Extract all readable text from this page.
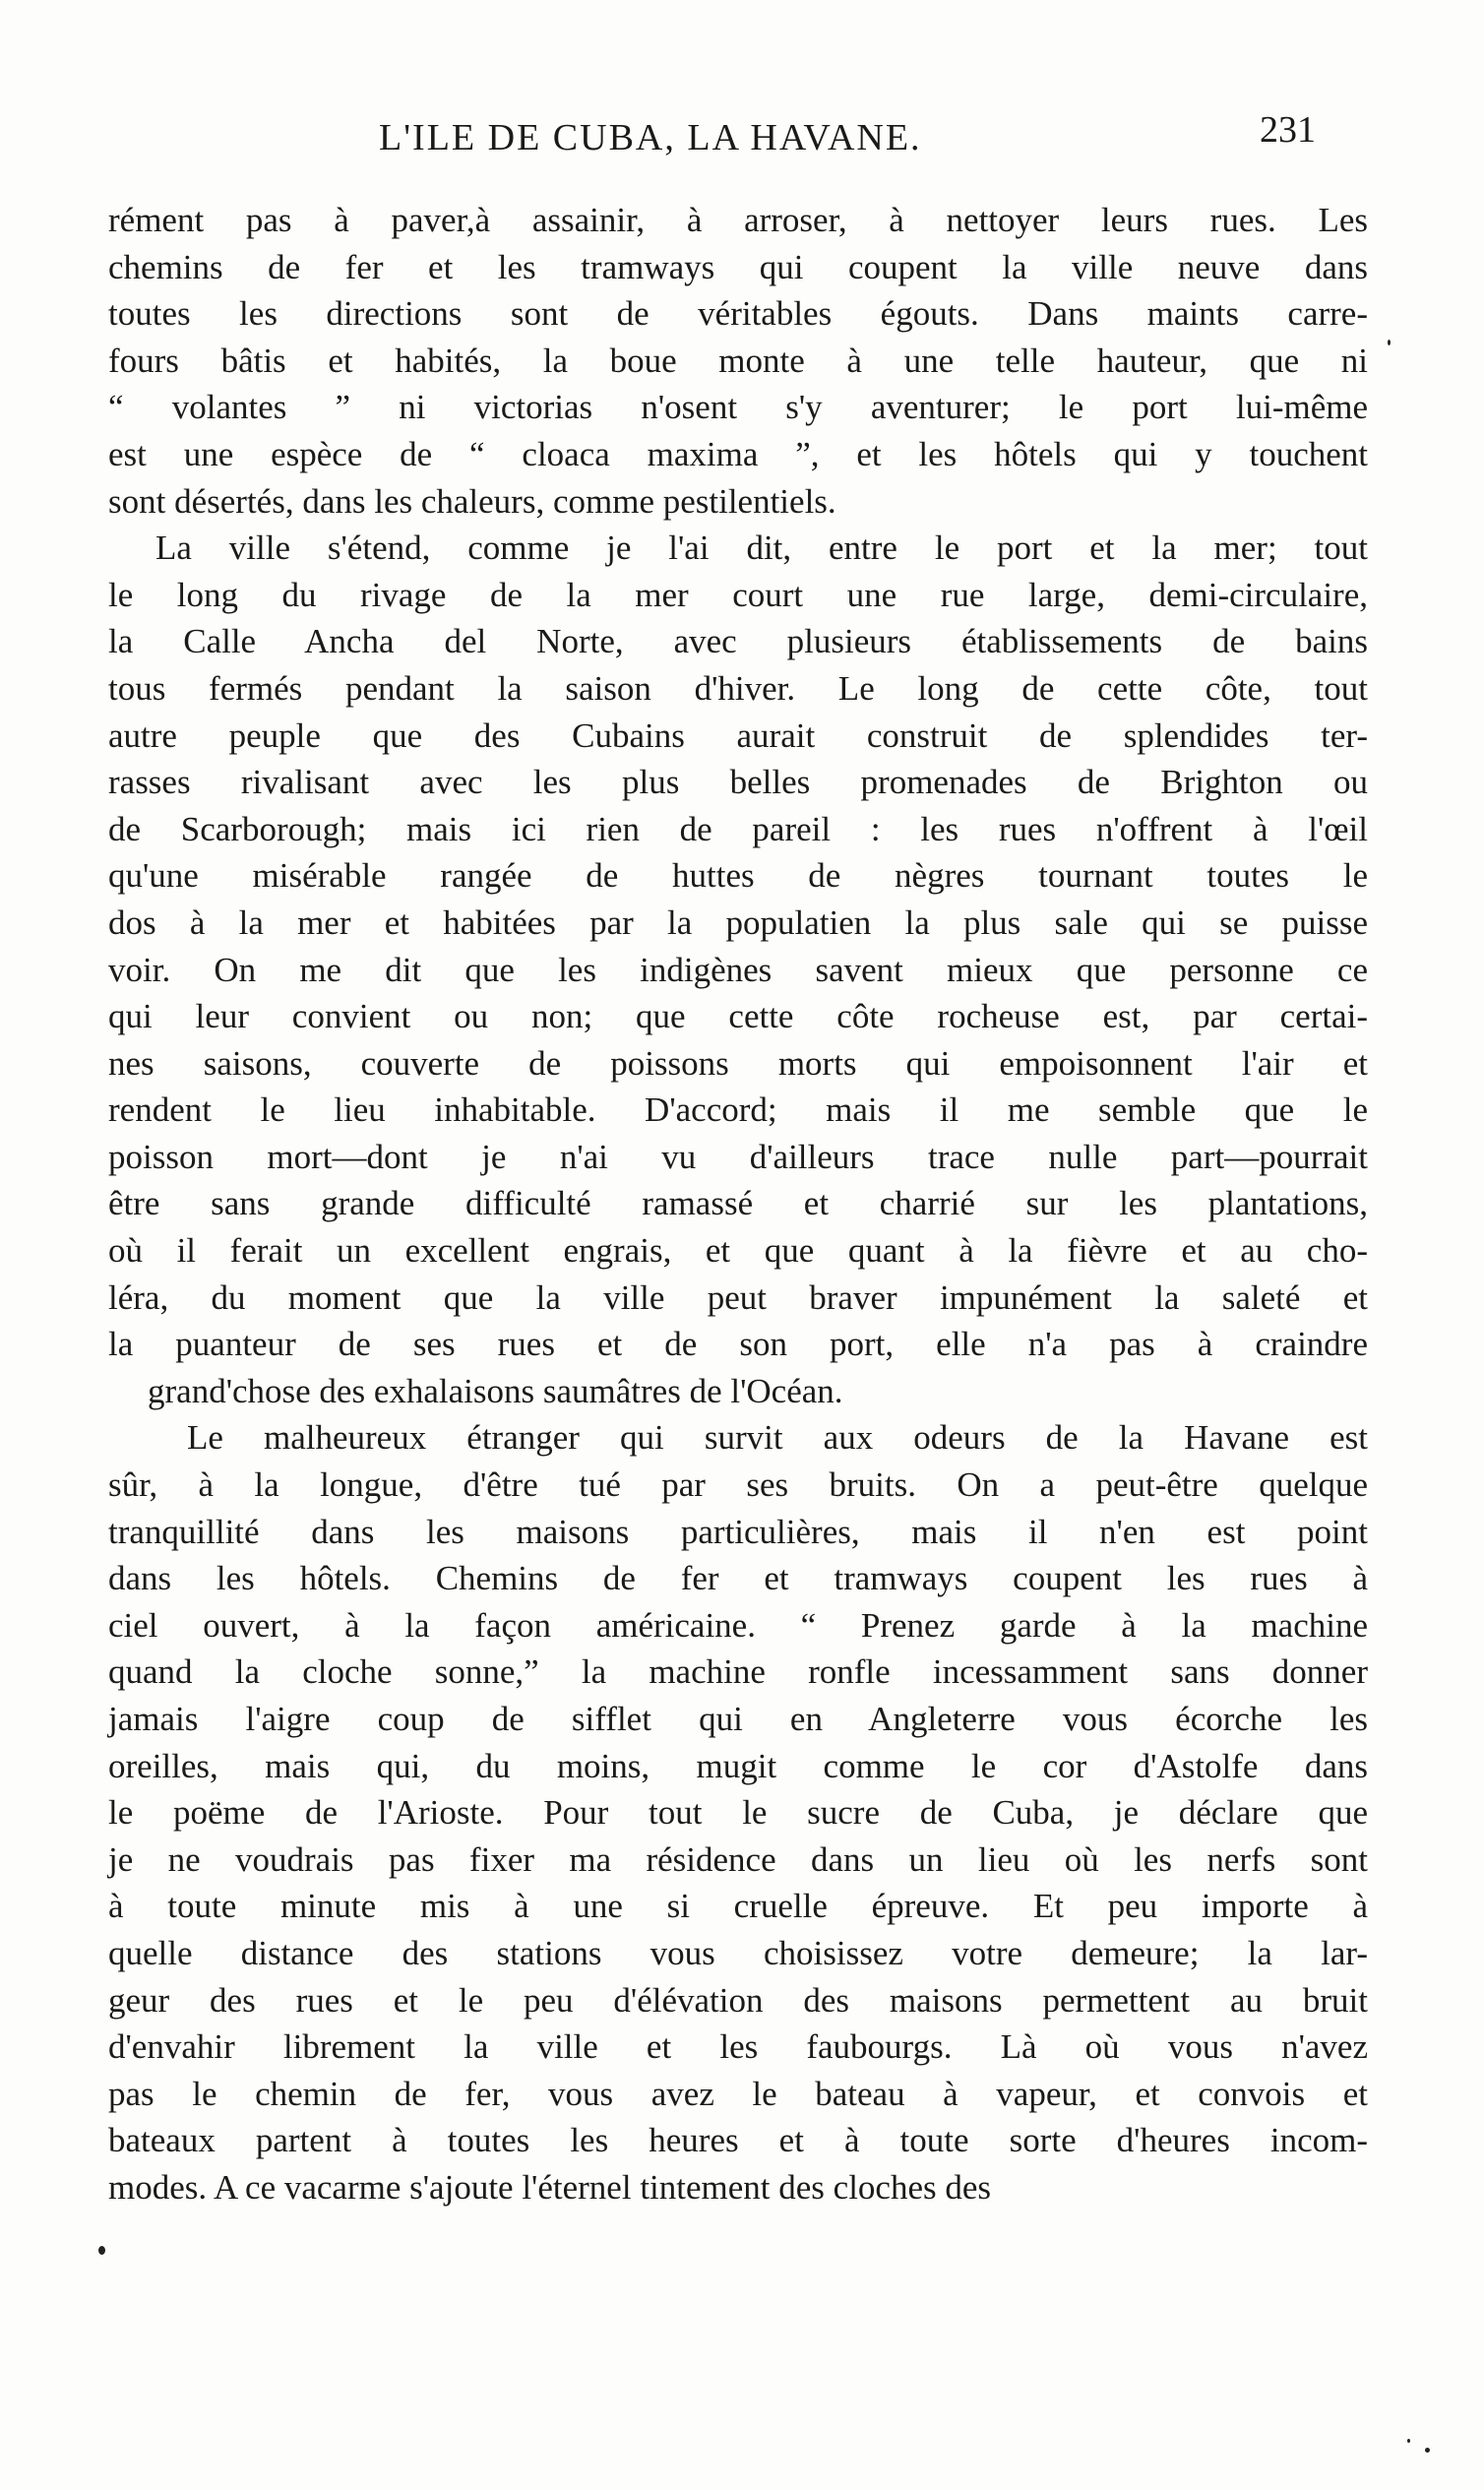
L'ILE DE CUBA, LA HAVANE.	231
rément pas à paver,à assainir, à arroser, à nettoyer leurs rues. Les
chemins de fer et les tramways qui coupent la ville neuve dans
toutes les directions sont de véritables égouts. Dans maints carre-
fours bâtis et habités, la boue monte à une telle hauteur, que ni
“ volantes ” ni victorias n'osent s'y aventurer; le port lui-même
est une espèce de “ cloaca maxima ”, et les hôtels qui y touchent
sont désertés, dans les chaleurs, comme pestilentiels.
La ville s'étend, comme je l'ai dit, entre le port et la mer; tout
le long du rivage de la mer court une rue large, demi-circulaire,
la Calle Ancha del Norte, avec plusieurs établissements de bains
tous fermés pendant la saison d'hiver. Le long de cette côte, tout
autre peuple que des Cubains aurait construit de splendides ter-
rasses rivalisant avec les plus belles promenades de Brighton ou
de Scarborough; mais ici rien de pareil : les rues n'offrent à l'œil
qu'une misérable rangée de huttes de nègres tournant toutes le
dos à la mer et habitées par la populatien la plus sale qui se puisse
voir. On me dit que les indigènes savent mieux que personne ce
qui leur convient ou non; que cette côte rocheuse est, par certai-
nes saisons, couverte de poissons morts qui empoisonnent l'air et
rendent le lieu inhabitable. D'accord; mais il me semble que le
poisson mort—dont je n'ai vu d'ailleurs trace nulle part—pourrait
être sans grande difficulté ramassé et charrié sur les plantations,
où il ferait un excellent engrais, et que quant à la fièvre et au cho-
léra, du moment que la ville peut braver impunément la saleté et
la puanteur de ses rues et de son port, elle n'a pas à craindre
grand'chose des exhalaisons saumâtres de l'Océan.
Le malheureux étranger qui survit aux odeurs de la Havane est
sûr, à la longue, d'être tué par ses bruits. On a peut-être quelque
tranquillité dans les maisons particulières, mais il n'en est point
dans les hôtels. Chemins de fer et tramways coupent les rues à
ciel ouvert, à la façon américaine. “ Prenez garde à la machine
quand la cloche sonne,” la machine ronfle incessamment sans donner
jamais l'aigre coup de sifflet qui en Angleterre vous écorche les
oreilles, mais qui, du moins, mugit comme le cor d'Astolfe dans
le poëme de l'Arioste. Pour tout le sucre de Cuba, je déclare que
je ne voudrais pas fixer ma résidence dans un lieu où les nerfs sont
à toute minute mis à une si cruelle épreuve. Et peu importe à
quelle distance des stations vous choisissez votre demeure; la lar-
geur des rues et le peu d'élévation des maisons permettent au bruit
d'envahir librement la ville et les faubourgs. Là où vous n'avez
pas le chemin de fer, vous avez le bateau à vapeur, et convois et
bateaux partent à toutes les heures et à toute sorte d'heures incom-
modes. A ce vacarme s'ajoute l'éternel tintement des cloches des
